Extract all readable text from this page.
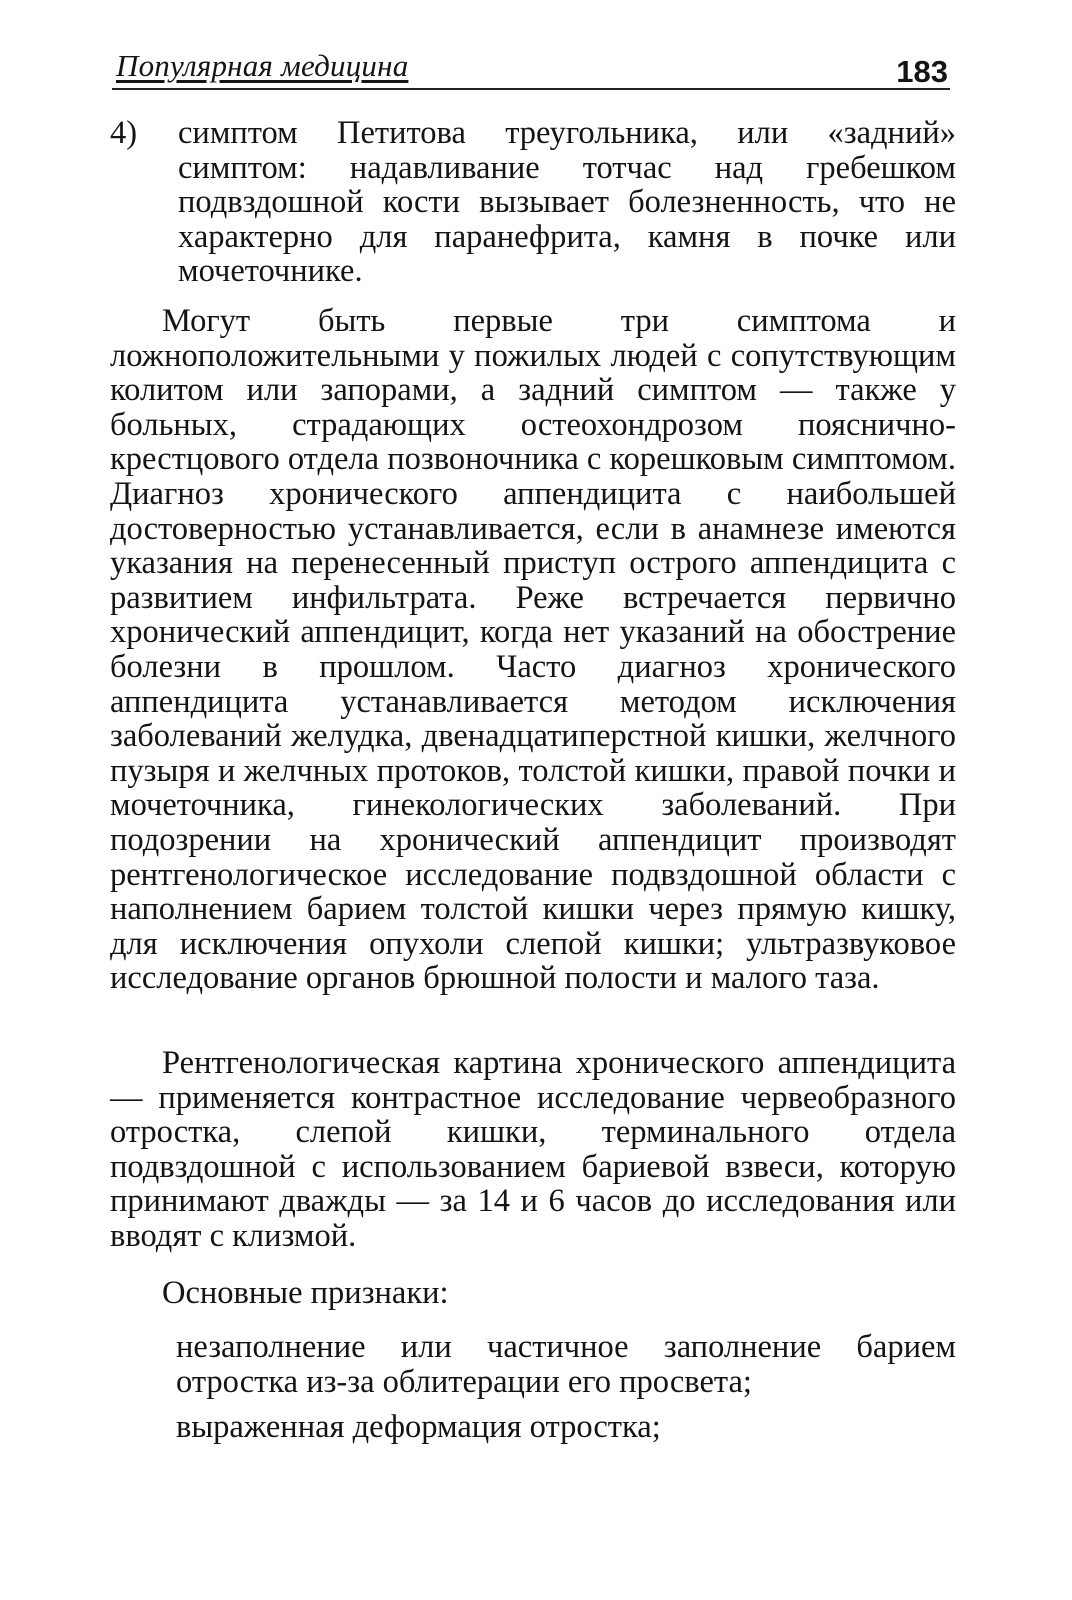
Популярная медицина	183
4) симптом Петитова треугольника, или «задний» симптом: надавливание тотчас над гребешком подвздошной кости вызывает болезненность, что не характерно для паранефрита, камня в почке или мочеточнике.

Могут быть первые три симптома и ложноположительными у пожилых людей с сопутствующим колитом или запорами, а задний симптом — также у больных, страдающих остеохондрозом пояснично-крестцового отдела позвоночника с корешковым симптомом. Диагноз хронического аппендицита с наибольшей достоверностью устанавливается, если в анамнезе имеются указания на перенесенный приступ острого аппендицита с развитием инфильтрата. Реже встречается первично хронический аппендицит, когда нет указаний на обострение болезни в прошлом. Часто диагноз хронического аппендицита устанавливается методом исключения заболеваний желудка, двенадцатиперстной кишки, желчного пузыря и желчных протоков, толстой кишки, правой почки и мочеточника, гинекологических заболеваний. При подозрении на хронический аппендицит производят рентгенологическое исследование подвздошной области с наполнением барием толстой кишки через прямую кишку, для исключения опухоли слепой кишки; ультразвуковое исследование органов брюшной полости и малого таза.

Рентгенологическая картина хронического аппендицита — применяется контрастное исследование червеобразного отростка, слепой кишки, терминального отдела подвздошной с использованием бариевой взвеси, которую принимают дважды — за 14 и 6 часов до исследования или вводят с клизмой.

Основные признаки:

незаполнение или частичное заполнение барием отростка из-за облитерации его просвета;

выраженная деформация отростка;
